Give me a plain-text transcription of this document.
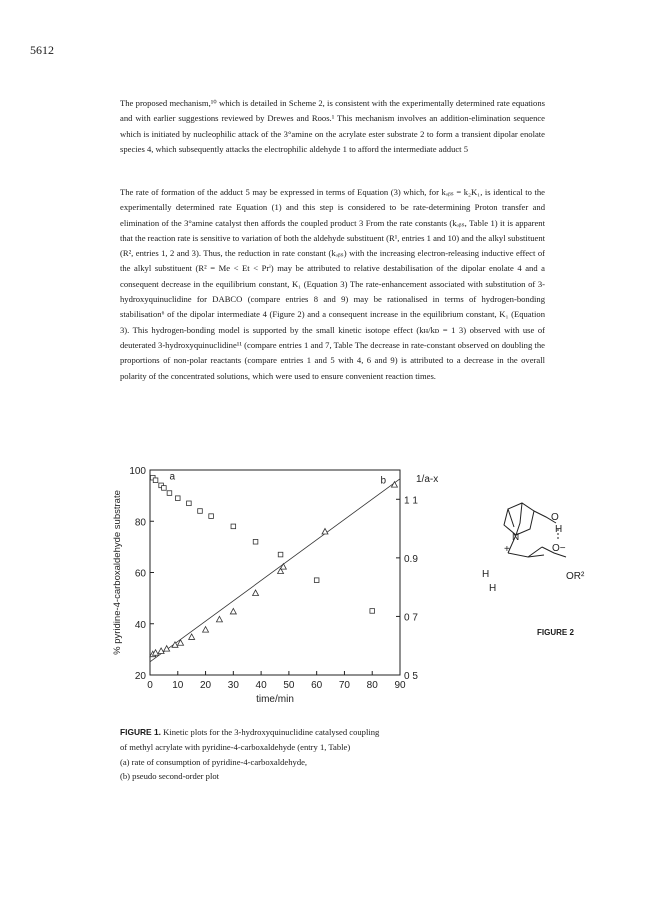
5612

The proposed mechanism,¹⁰ which is detailed in Scheme 2, is consistent with the experimentally determined rate equations and with earlier suggestions reviewed by Drewes and Roos.¹ This mechanism involves an addition-elimination sequence which is initiated by nucleophilic attack of the 3°amine on the acrylate ester substrate 2 to form a transient dipolar enolate species 4, which subsequently attacks the electrophilic aldehyde 1 to afford the intermediate adduct 5

The rate of formation of the adduct 5 may be expressed in terms of Equation (3) which, for kₒᵦₛ = k₂K₁, is identical to the experimentally determined rate Equation (1) and this step is considered to be rate-determining Proton transfer and elimination of the 3°amine catalyst then affords the coupled product 3 From the rate constants (kₒᵦₛ, Table 1) it is apparent that the reaction rate is sensitive to variation of both the aldehyde substituent (R¹, entries 1 and 10) and the alkyl substituent (R², entries 1, 2 and 3). Thus, the reduction in rate constant (kₒᵦₛ) with the increasing electron-releasing inductive effect of the alkyl substituent (R² = Me < Et < Prⁱ) may be attributed to relative destabilisation of the dipolar enolate 4 and a consequent decrease in the equilibrium constant, K₁ (Equation 3) The rate-enhancement associated with substitution of 3-hydroxyquinuclidine for DABCO (compare entries 8 and 9) may be rationalised in terms of hydrogen-bonding stabilisation⁶ of the dipolar intermediate 4 (Figure 2) and a consequent increase in the equilibrium constant, K₁ (Equation 3). This hydrogen-bonding model is supported by the small kinetic isotope effect (kʜ/kᴅ = 1 3) observed with use of deuterated 3-hydroxyquinuclidine¹¹ (compare entries 1 and 7, Table The decrease in rate-constant observed on doubling the proportions of non-polar reactants (compare entries 1 and 5 with 4, 6 and 9) is attributed to a decrease in the overall polarity of the concentrated solutions, which were used to ensure convenient reaction times.

0 10 20 30 40 50 60 70 80 90
20
40
60
80
100
0 5
0 7
0.9
1 1
time/min
% pyridine-4-carboxaldehyde substrate
1/a-x
a	b
O
H
O−
N
+
H
H
OR²
FIGURE 2
FIGURE 1. Kinetic plots for the 3-hydroxyquinuclidine catalysed coupling
of methyl acrylate with pyridine-4-carboxaldehyde (entry 1, Table)
(a) rate of consumption of pyridine-4-carboxaldehyde,
(b) pseudo second-order plot
